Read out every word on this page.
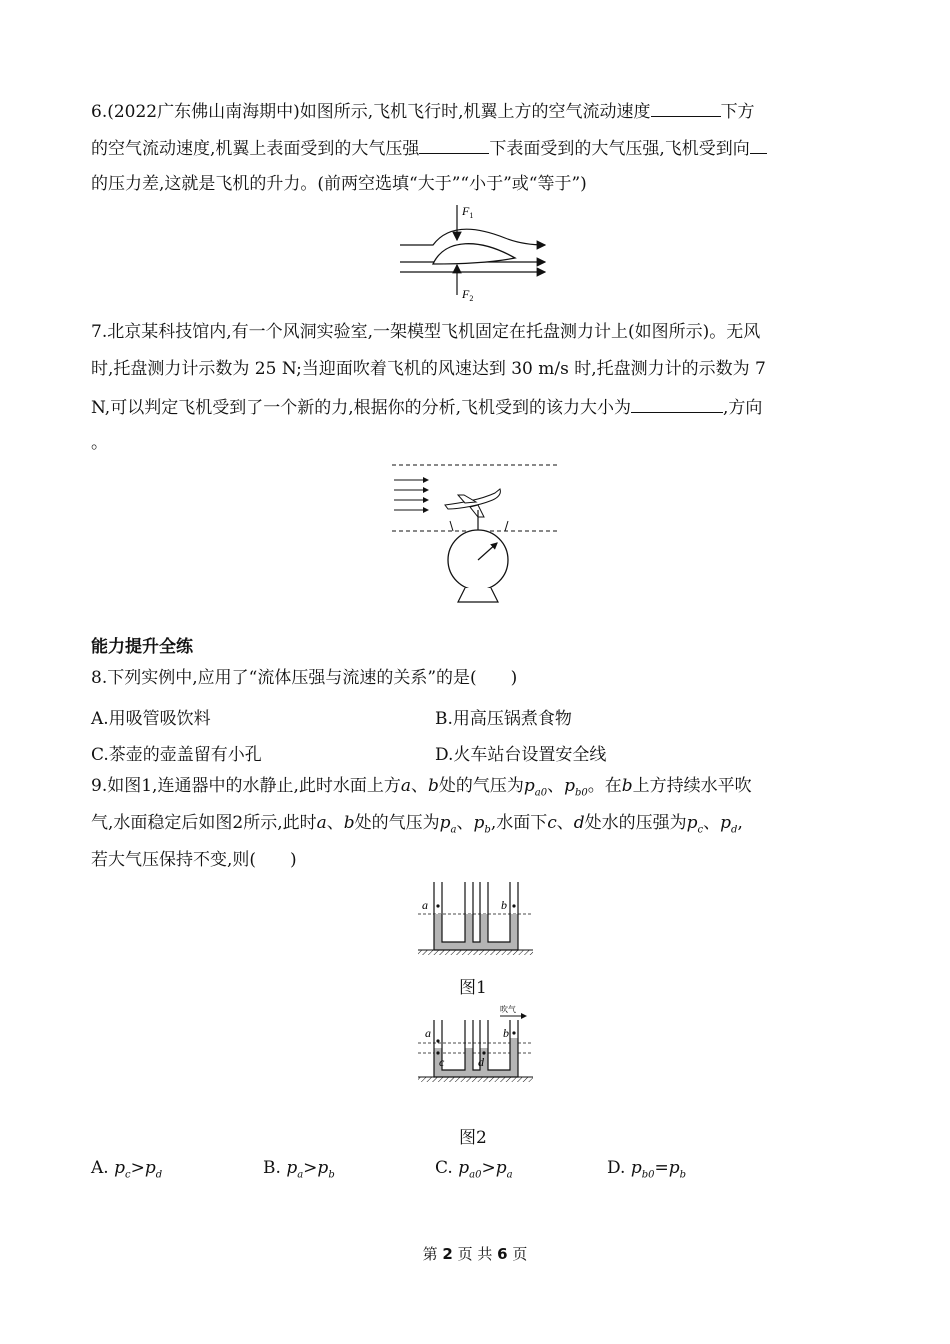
6.(2022广东佛山南海期中)如图所示,飞机飞行时,机翼上方的空气流动速度	下方
的空气流动速度,机翼上表面受到的大气压强	下表面受到的大气压强,飞机受到向
的压力差,这就是飞机的升力。(前两空选填“大于”“小于”或“等于”)
$F_1$
$F_2$
7.北京某科技馆内,有一个风洞实验室,一架模型飞机固定在托盘测力计上(如图所示)。无风
时,托盘测力计示数为 25 N;当迎面吹着飞机的风速达到 30 m/s 时,托盘测力计的示数为 7
N,可以判定飞机受到了一个新的力,根据你的分析,飞机受到的该力大小为	,方向
。
能力提升全练
8.下列实例中,应用了“流体压强与流速的关系”的是(　　)
A.用吸管吸饮料	B.用高压锅煮食物
C.茶壶的壶盖留有小孔	D.火车站台设置安全线
9.如图1,连通器中的水静止,此时水面上方a、b处的气压为$p_{a0}$、$p_{b0}$。在b上方持续水平吹
气,水面稳定后如图2所示,此时a、b处的气压为$p_a$、$p_b$,水面下c、d处水的压强为$p_c$、$p_d$,
若大气压保持不变,则(　　)
a	b
图1
吹气
a
c	d
b
图2
A. $p_c>p_d$	B. $p_a>p_b$	C. $p_{a0}>p_a$	D. $p_{b0}=p_b$
第 2 页 共 6 页
